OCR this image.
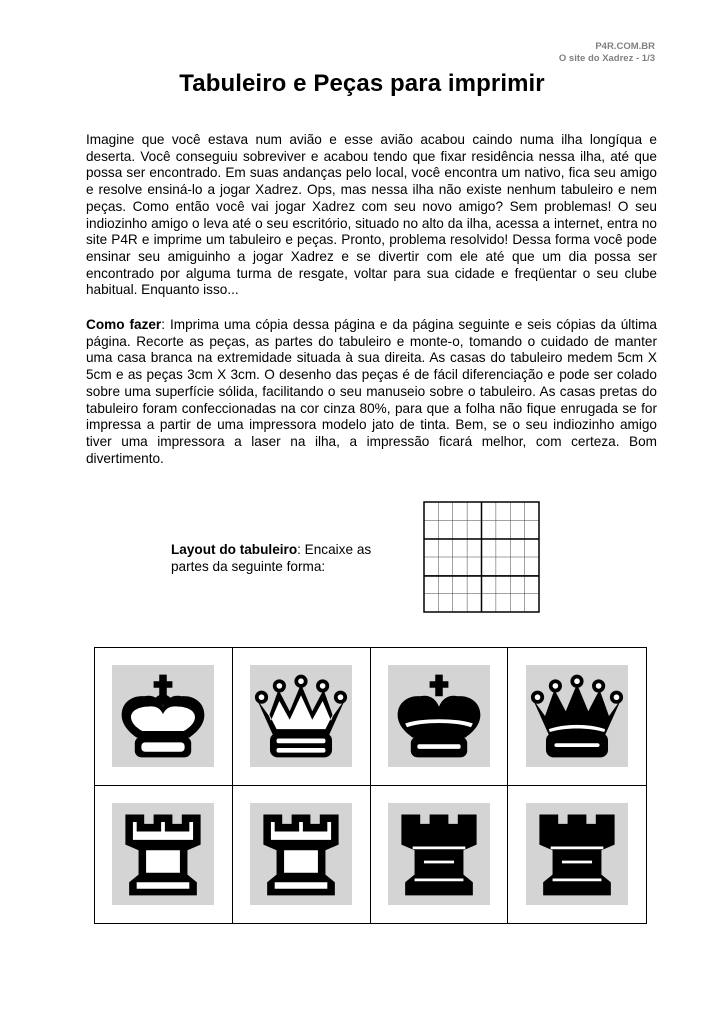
P4R.COM.BR
O site do Xadrez - 1/3
Tabuleiro e Peças para imprimir
Imagine que você estava num avião e esse avião acabou caindo numa ilha longíqua e deserta. Você conseguiu sobreviver e acabou tendo que fixar residência nessa ilha, até que possa ser encontrado. Em suas andanças pelo local, você encontra um nativo, fica seu amigo e resolve ensiná-lo a jogar Xadrez. Ops, mas nessa ilha não existe nenhum tabuleiro e nem peças. Como então você vai jogar Xadrez com seu novo amigo? Sem problemas! O seu indiozinho amigo o leva até o seu escritório, situado no alto da ilha, acessa a internet, entra no site P4R e imprime um tabuleiro e peças. Pronto, problema resolvido! Dessa forma você pode ensinar seu amiguinho a jogar Xadrez e se divertir com ele até que um dia possa ser encontrado por alguma turma de resgate, voltar para sua cidade e freqüentar o seu clube habitual. Enquanto isso...
Como fazer: Imprima uma cópia dessa página e da página seguinte e seis cópias da última página. Recorte as peças, as partes do tabuleiro e monte-o, tomando o cuidado de manter uma casa branca na extremidade situada à sua direita. As casas do tabuleiro medem 5cm X 5cm e as peças 3cm X 3cm. O desenho das peças é de fácil diferenciação e pode ser colado sobre uma superfície sólida, facilitando o seu manuseio sobre o tabuleiro. As casas pretas do tabuleiro foram confeccionadas na cor cinza 80%, para que a folha não fique enrugada se for impressa a partir de uma impressora modelo jato de tinta. Bem, se o seu indiozinho amigo tiver uma impressora a laser na ilha, a impressão ficará melhor, com certeza. Bom divertimento.
Layout do tabuleiro: Encaixe as partes da seguinte forma:
